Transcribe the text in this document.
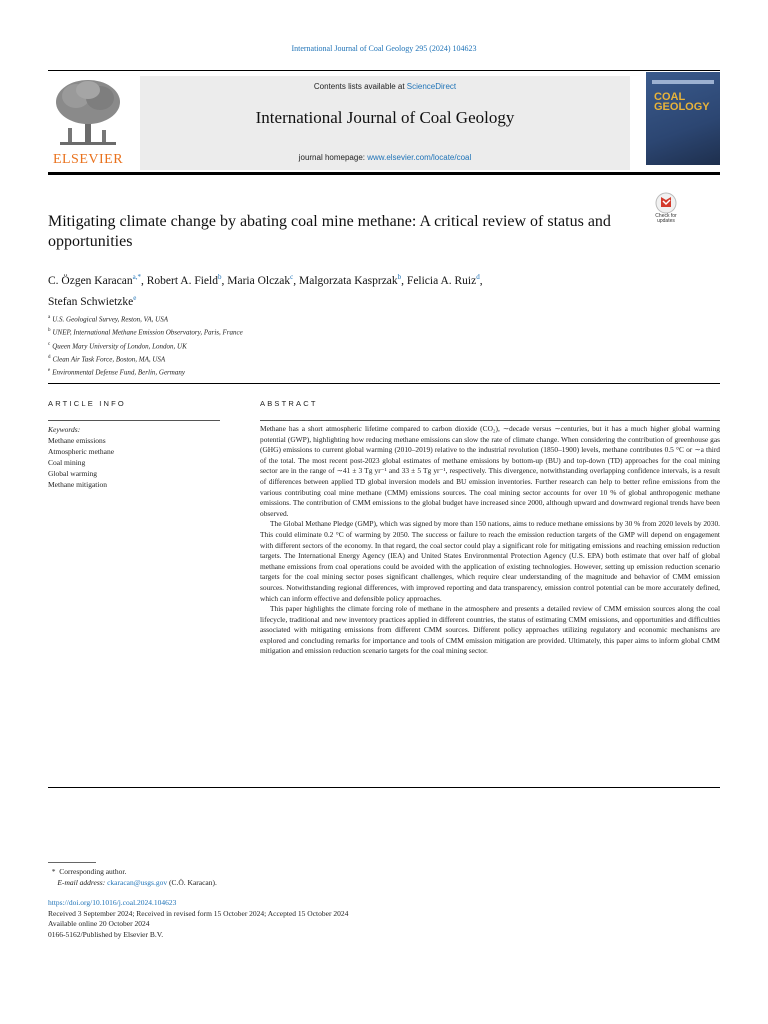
International Journal of Coal Geology 295 (2024) 104623
ELSEVIER
Contents lists available at ScienceDirect
International Journal of Coal Geology
journal homepage: www.elsevier.com/locate/coal
COAL GEOLOGY
Mitigating climate change by abating coal mine methane: A critical review of status and opportunities
Check for updates
C. Özgen Karacan$^{a,*}$, Robert A. Field$^b$, Maria Olczak$^c$, Malgorzata Kasprzak$^b$, Felicia A. Ruiz$^d$,
Stefan Schwietzke$^e$
$^a$ U.S. Geological Survey, Reston, VA, USA
$^b$ UNEP, International Methane Emission Observatory, Paris, France
$^c$ Queen Mary University of London, London, UK
$^d$ Clean Air Task Force, Boston, MA, USA
$^e$ Environmental Defense Fund, Berlin, Germany
ARTICLE INFO	ABSTRACT
Keywords:
Methane emissions
Atmospheric methane
Coal mining
Global warming
Methane mitigation

Methane has a short atmospheric lifetime compared to carbon dioxide (CO₂), ∼decade versus ∼centuries, but it has a much higher global warming potential (GWP), highlighting how reducing methane emissions can slow the rate of climate change. When considering the contribution of greenhouse gas (GHG) emissions to current global warming (2010–2019) relative to the industrial revolution (1850–1900) levels, methane contributes 0.5 °C or ∼a third of the total. The most recent post-2023 global estimates of methane emissions by bottom-up (BU) and top-down (TD) approaches for the coal mining sector are in the range of ∼41 ± 3 Tg yr⁻¹ and 33 ± 5 Tg yr⁻¹, respectively. This divergence, notwithstanding overlapping confidence intervals, is a result of differences between applied TD global inversion models and BU emission inventories. Further research can help to better refine emissions from the various contributing coal mine methane (CMM) emissions sources. The coal mining sector accounts for over 10 % of global anthropogenic methane emissions. The contribution of CMM emissions to the global budget have increased since 2000, although upward and downward regional trends have been observed.

The Global Methane Pledge (GMP), which was signed by more than 150 nations, aims to reduce methane emissions by 30 % from 2020 levels by 2030. This could eliminate 0.2 °C of warming by 2050. The success or failure to reach the emission reduction targets of the GMP will depend on engagement with different sectors of the economy. In that regard, the coal sector could play a significant role for mitigating emissions and reaching emission reduction targets. The International Energy Agency (IEA) and United States Environmental Protection Agency (U.S. EPA) both estimate that over half of global methane emissions from coal operations could be avoided with the application of existing technologies. However, setting up emission reduction scenario targets for the coal mining sector poses significant challenges, which require clear understanding of the magnitude and behavior of CMM emission sources. Notwithstanding regional differences, with improved reporting and data transparency, emission control potential can be more accurately defined, which can inform effective and defensible policy approaches.

This paper highlights the climate forcing role of methane in the atmosphere and presents a detailed review of CMM emission sources along the coal lifecycle, traditional and new inventory practices applied in different countries, the status of estimating CMM emissions, and opportunities and difficulties associated with mitigating emissions from different CMM sources. Different policy approaches utilizing regulatory and economic mechanisms are explored and concluding remarks for importance and tools of CMM emission mitigation are provided. Ultimately, this paper aims to inform global CMM mitigation and emission reduction scenario targets for the coal mining sector.

* Corresponding author.
E-mail address: ckaracan@usgs.gov (C.Ö. Karacan).
https://doi.org/10.1016/j.coal.2024.104623
Received 3 September 2024; Received in revised form 15 October 2024; Accepted 15 October 2024
Available online 20 October 2024
0166-5162/Published by Elsevier B.V.
